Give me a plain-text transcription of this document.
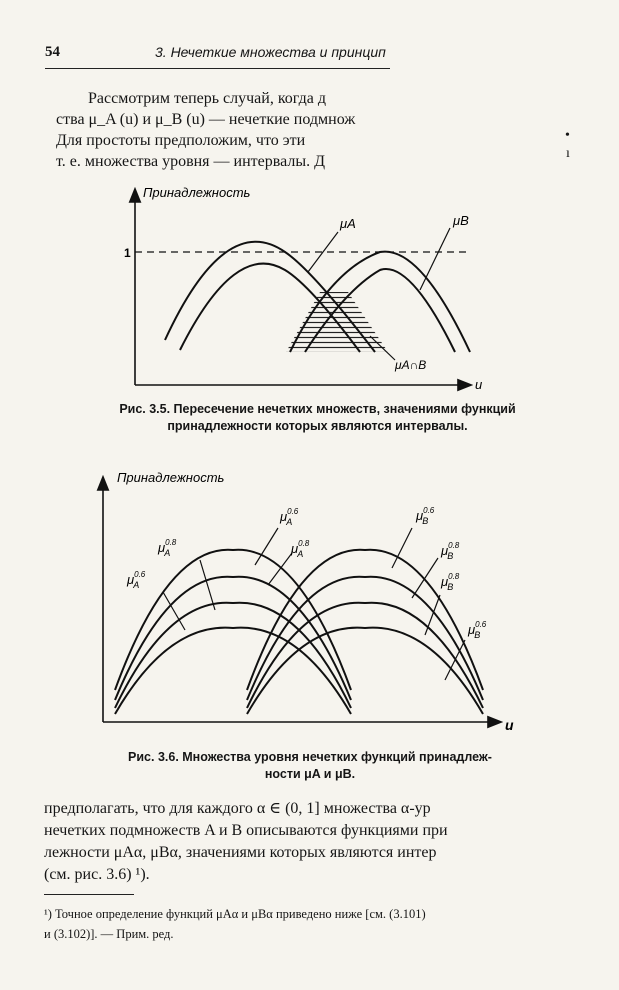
54	3. Нечеткие множества и принцип
Рассмотрим теперь случай, когда д
ства μ_A (u) и μ_B (u) — нечеткие подмнож
Для простоты предположим, что эти
т. е. множества уровня — интервалы. Д
•
ı
Принадлежность
u
1
μA	μB
μA∩B
Рис. 3.5. Пересечение нечетких множеств, значениями функций принадлежности которых являются интервалы.
Принадлежность
u
$\mu^{0.6}$ A
$\mu^{0.8}$ A	$\mu^{0.8}$ A
$\mu^{0.6}$ A
$\mu^{0.6}$ B
$\mu^{0.8}$ B
$\mu^{0.8}$ B
$\mu^{0.6}$ B
Рис. 3.6. Множества уровня нечетких функций принадлеж-
ности μA и μB.
предполагать, что для каждого α ∈ (0, 1] множества α-ур
нечетких подмножеств A и B описываются функциями при
лежности μAα, μBα, значениями которых являются интер
(см. рис. 3.6) ¹).
¹) Точное определение функций μAα и μBα приведено ниже [см. (3.101)
и (3.102)]. — Прим. ред.
